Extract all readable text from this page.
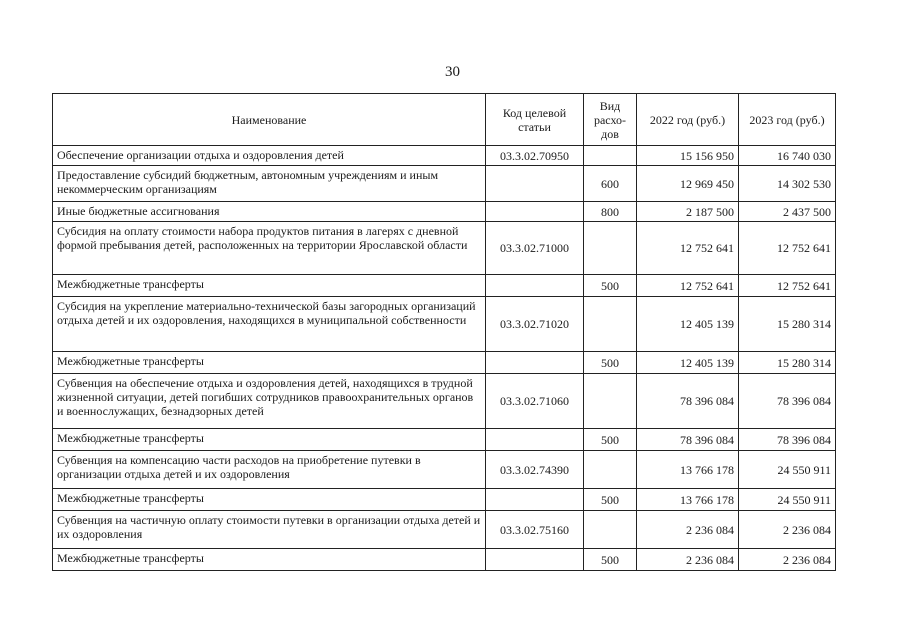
30
Наименование	Код целевой статьи	Вид расхо-дов	2022 год (руб.)	2023 год (руб.)
Обеспечение организации отдыха и оздоровления детей	03.3.02.70950		15 156 950	16 740 030
Предоставление субсидий бюджетным, автономным учреждениям и иным некоммерческим организациям		600	12 969 450	14 302 530
Иные бюджетные ассигнования		800	2 187 500	2 437 500
Субсидия на оплату стоимости набора продуктов питания в лагерях с дневной формой пребывания детей, расположенных на территории Ярославской области	03.3.02.71000		12 752 641	12 752 641
Межбюджетные трансферты		500	12 752 641	12 752 641
Субсидия на укрепление материально-технической базы загородных организаций отдыха детей и их оздоровления, находящихся в муниципальной собственности	03.3.02.71020		12 405 139	15 280 314
Межбюджетные трансферты		500	12 405 139	15 280 314
Субвенция на обеспечение отдыха и оздоровления детей, находящихся в трудной жизненной ситуации, детей погибших сотрудников правоохранительных органов и военнослужащих, безнадзорных детей	03.3.02.71060		78 396 084	78 396 084
Межбюджетные трансферты		500	78 396 084	78 396 084
Субвенция на компенсацию части расходов на приобретение путевки в организации отдыха детей и их оздоровления	03.3.02.74390		13 766 178	24 550 911
Межбюджетные трансферты		500	13 766 178	24 550 911
Субвенция на частичную оплату стоимости путевки в организации отдыха детей и их оздоровления	03.3.02.75160		2 236 084	2 236 084
Межбюджетные трансферты		500	2 236 084	2 236 084
